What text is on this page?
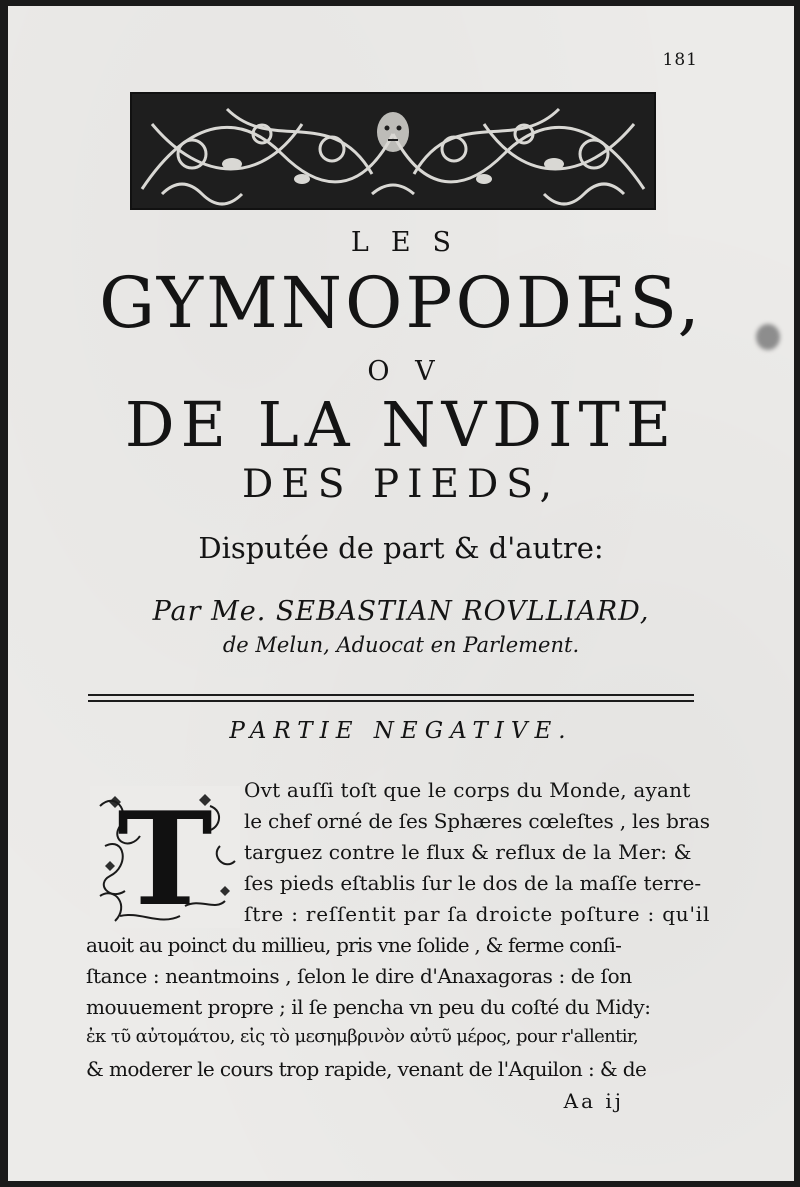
181
LES
GYMNOPODES,
OV
DE LA NVDITE
DES PIEDS,
Disputée de part & d'autre:
Par Me. SEBASTIAN ROVLLIARD,
de Melun, Aduocat en Parlement.
PARTIE NEGATIVE.
T Ovt auſſi toſt que le corps du Monde, ayant
le chef orné de ſes Sphæres cœleſtes , les bras
targuez contre le flux & reflux de la Mer: &
ſes pieds eſtablis ſur le dos de la maſſe terre-
ſtre : reſſentit par ſa droicte poſture : qu'il
auoit au poinct du millieu, pris vne ſolide , & ferme conſi-
ſtance : neantmoins , ſelon le dire d'Anaxagoras : de ſon
mouuement propre ; il ſe pencha vn peu du coſté du Midy:
ἐκ τῦ αὐτομάτου, εἰς τὸ μεσημβρινὸν αὐτῦ μέρος, pour r'allentir,
& moderer le cours trop rapide, venant de l'Aquilon : & de
Aa ij
